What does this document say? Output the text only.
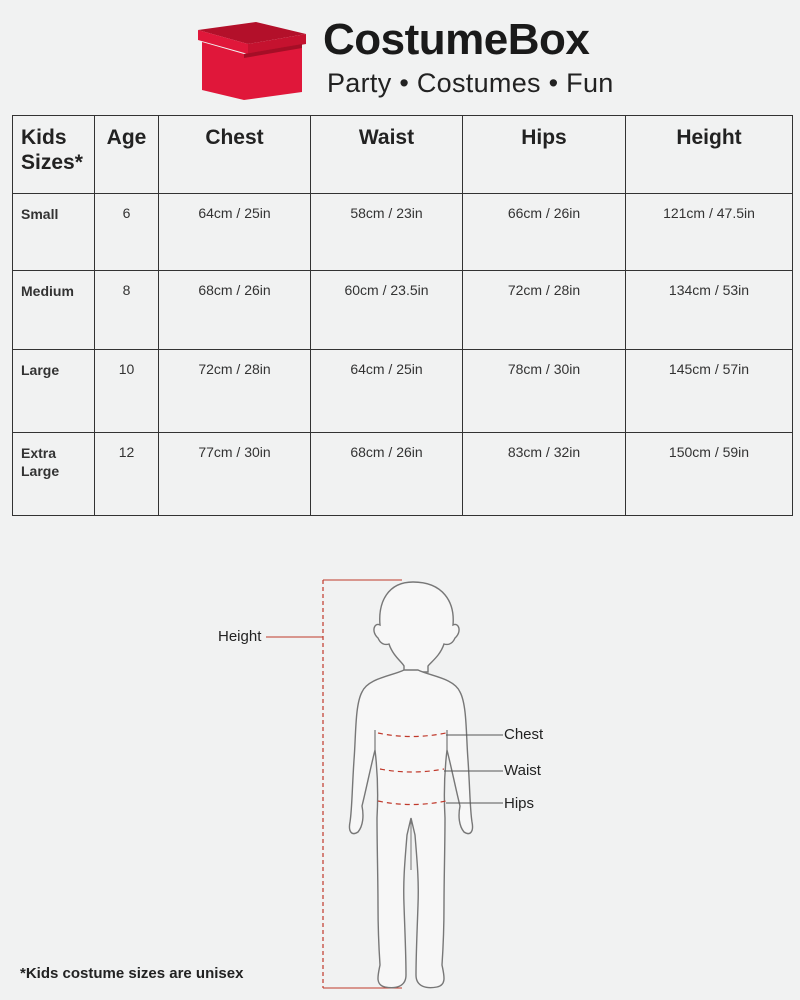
CostumeBox
Party • Costumes • Fun
Kids Sizes*	Age	Chest	Waist	Hips	Height
Small	6	64cm / 25in	58cm / 23in	66cm / 26in	121cm / 47.5in
Medium	8	68cm / 26in	60cm / 23.5in	72cm / 28in	134cm / 53in
Large	10	72cm / 28in	64cm / 25in	78cm / 30in	145cm / 57in
Extra Large	12	77cm / 30in	68cm / 26in	83cm / 32in	150cm / 59in
Height
Chest
Waist
Hips
*Kids costume sizes are unisex
